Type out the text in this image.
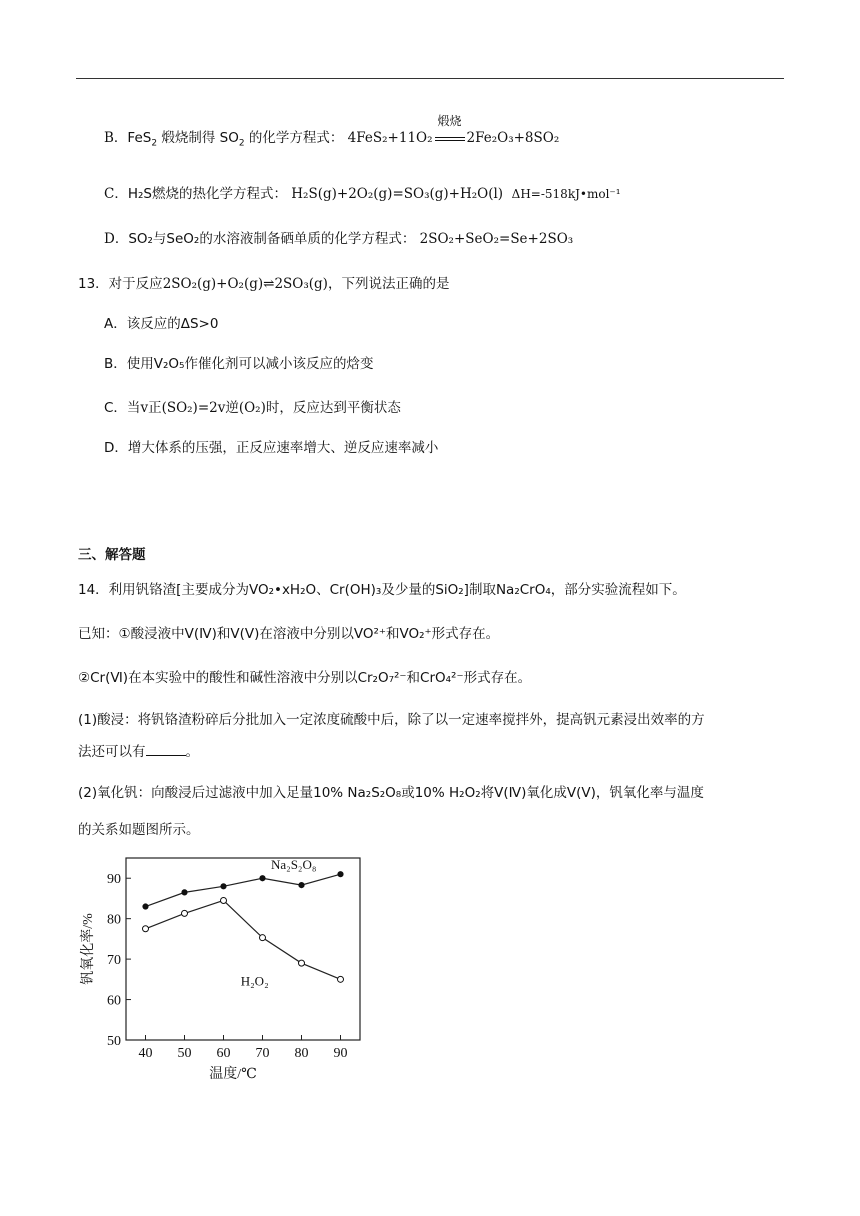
B．FeS$_2$ 煅烧制得 $SO_2$ 的化学方程式： 4FeS₂+11O₂
煅烧
2Fe₂O₃+8SO₂
C．H₂S燃烧的热化学方程式： H₂S(g)+2O₂(g)=SO₃(g)+H₂O(l) ΔH=-518kJ•mol⁻¹
D．SO₂与SeO₂的水溶液制备硒单质的化学方程式： 2SO₂+SeO₂=Se+2SO₃
13．对于反应2SO₂(g)+O₂(g)⇌2SO₃(g)，下列说法正确的是
A．该反应的ΔS>0
B．使用V₂O₅作催化剂可以减小该反应的焓变
C．当v正(SO₂)=2v逆(O₂)时，反应达到平衡状态
D．增大体系的压强，正反应速率增大、逆反应速率减小
三、解答题
14．利用钒铬渣[主要成分为VO₂•xH₂O、Cr(OH)₃及少量的SiO₂]制取Na₂CrO₄，部分实验流程如下。
已知：①酸浸液中V(Ⅳ)和V(Ⅴ)在溶液中分别以VO²⁺和VO₂⁺形式存在。
②Cr(Ⅵ)在本实验中的酸性和碱性溶液中分别以Cr₂O₇²⁻和CrO₄²⁻形式存在。
(1)酸浸：将钒铬渣粉碎后分批加入一定浓度硫酸中后，除了以一定速率搅拌外，提高钒元素浸出效率的方
法还可以有	。
(2)氧化钒：向酸浸后过滤液中加入足量10% Na₂S₂O₈或10% H₂O₂将V(Ⅳ)氧化成V(Ⅴ)，钒氧化率与温度
的关系如题图所示。
40 50 60 70 80 90
50
60
70
80
90
温度/℃
钒氧化率/%
Na₂S₂O₈
H₂O₂
